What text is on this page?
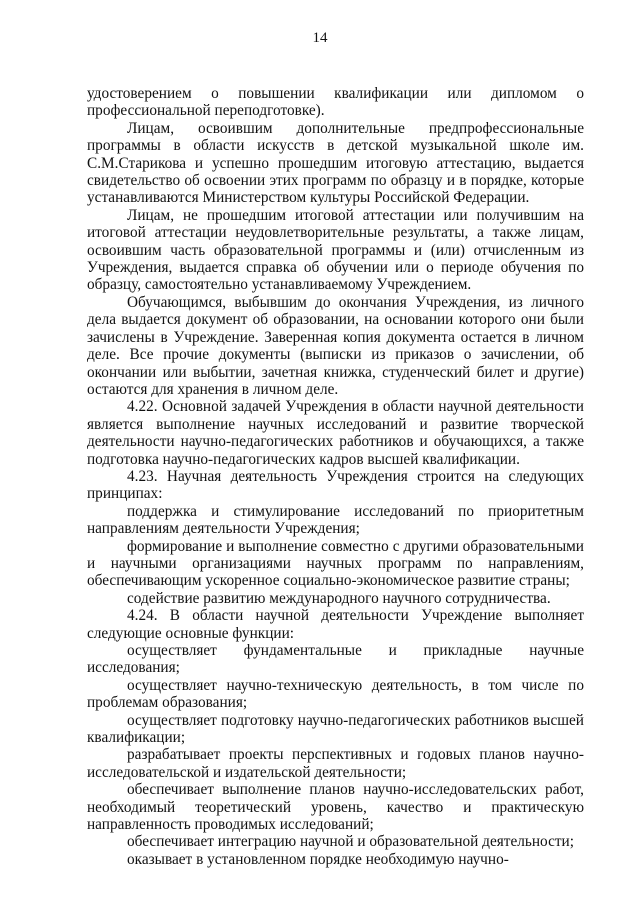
14

удостоверением о повышении квалификации или дипломом о профессиональной переподготовке).

Лицам, освоившим дополнительные предпрофессиональные программы в области искусств в детской музыкальной школе им. С.М.Старикова и успешно прошедшим итоговую аттестацию, выдается свидетельство об освоении этих программ по образцу и в порядке, которые устанавливаются Министерством культуры Российской Федерации.

Лицам, не прошедшим итоговой аттестации или получившим на итоговой аттестации неудовлетворительные результаты, а также лицам, освоившим часть образовательной программы и (или) отчисленным из Учреждения, выдается справка об обучении или о периоде обучения по образцу, самостоятельно устанавливаемому Учреждением.

Обучающимся, выбывшим до окончания Учреждения, из личного дела выдается документ об образовании, на основании которого они были зачислены в Учреждение. Заверенная копия документа остается в личном деле. Все прочие документы (выписки из приказов о зачислении, об окончании или выбытии, зачетная книжка, студенческий билет и другие) остаются для хранения в личном деле.

4.22. Основной задачей Учреждения в области научной деятельности является выполнение научных исследований и развитие творческой деятельности научно-педагогических работников и обучающихся, а также подготовка научно-педагогических кадров высшей квалификации.

4.23. Научная деятельность Учреждения строится на следующих принципах:

поддержка и стимулирование исследований по приоритетным направлениям деятельности Учреждения;

формирование и выполнение совместно с другими образовательными и научными организациями научных программ по направлениям, обеспечивающим ускоренное социально-экономическое развитие страны;

содействие развитию международного научного сотрудничества.

4.24. В области научной деятельности Учреждение выполняет следующие основные функции:

осуществляет фундаментальные и прикладные научные исследования;

осуществляет научно-техническую деятельность, в том числе по проблемам образования;

осуществляет подготовку научно-педагогических работников высшей квалификации;

разрабатывает проекты перспективных и годовых планов научно-исследовательской и издательской деятельности;

обеспечивает выполнение планов научно-исследовательских работ, необходимый теоретический уровень, качество и практическую направленность проводимых исследований;

обеспечивает интеграцию научной и образовательной деятельности;

оказывает в установленном порядке необходимую научно-
